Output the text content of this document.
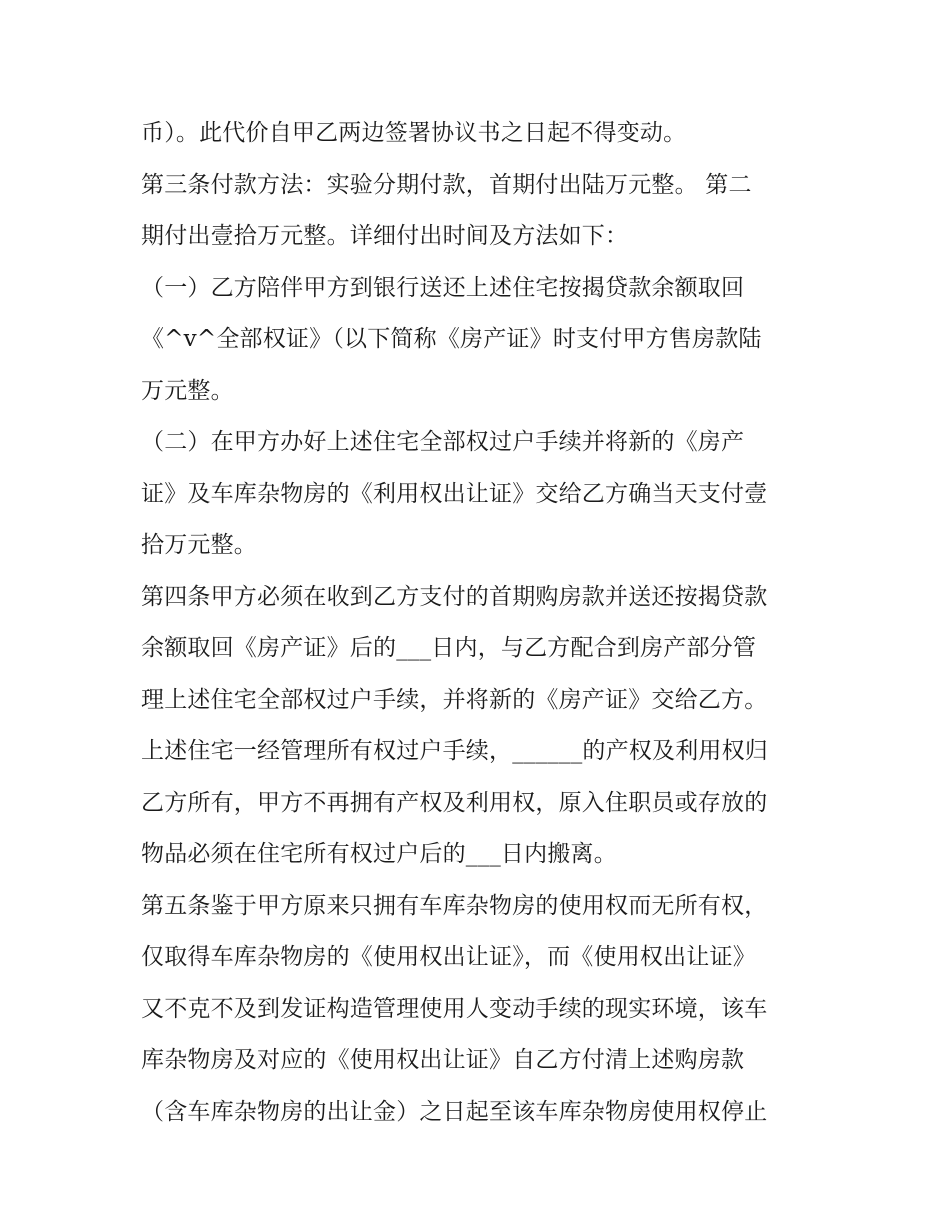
币）。此代价自甲乙两边签署协议书之日起不得变动。
第三条付款方法：实验分期付款，首期付出陆万元整。 第二
期付出壹拾万元整。详细付出时间及方法如下：
（一）乙方陪伴甲方到银行送还上述住宅按揭贷款余额取回
《^v^全部权证》（以下简称《房产证》时支付甲方售房款陆
万元整。
（二）在甲方办好上述住宅全部权过户手续并将新的《房产
证》及车库杂物房的《利用权出让证》交给乙方确当天支付壹
拾万元整。
第四条甲方必须在收到乙方支付的首期购房款并送还按揭贷款
余额取回《房产证》后的___日内，与乙方配合到房产部分管
理上述住宅全部权过户手续，并将新的《房产证》交给乙方。
上述住宅一经管理所有权过户手续，______的产权及利用权归
乙方所有，甲方不再拥有产权及利用权，原入住职员或存放的
物品必须在住宅所有权过户后的___日内搬离。
第五条鉴于甲方原来只拥有车库杂物房的使用权而无所有权，
仅取得车库杂物房的《使用权出让证》，而《使用权出让证》
又不克不及到发证构造管理使用人变动手续的现实环境，该车
库杂物房及对应的《使用权出让证》自乙方付清上述购房款
（含车库杂物房的出让金）之日起至该车库杂物房使用权停止
